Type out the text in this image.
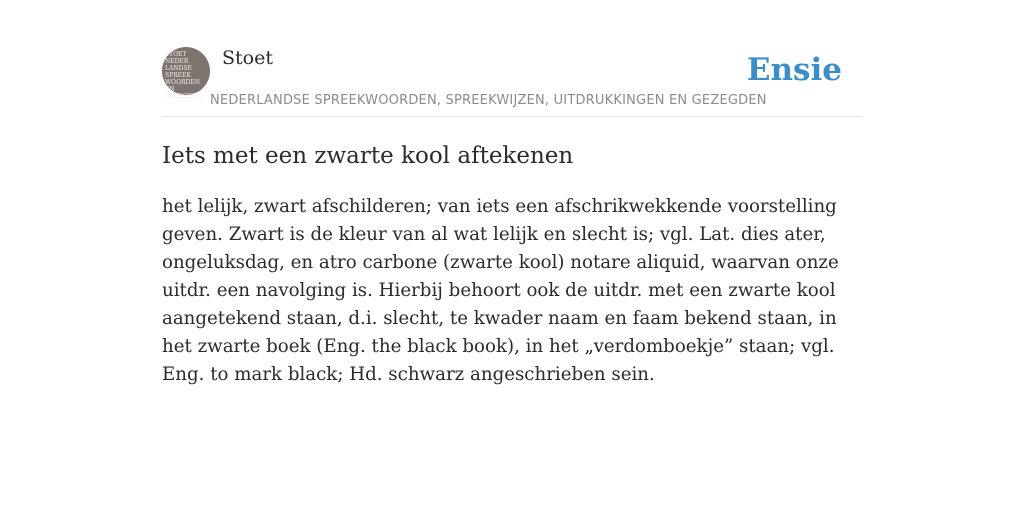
STOET
NEDER
LANDSE
SPREEK
WOORDEN EN
GEZEGDEN
Stoet
NEDERLANDSE SPREEKWOORDEN, SPREEKWIJZEN, UITDRUKKINGEN EN GEZEGDEN
Ensie
Iets met een zwarte kool aftekenen

het lelijk, zwart afschilderen; van iets een afschrikwekkende voorstelling geven. Zwart is de kleur van al wat lelijk en slecht is; vgl. Lat. dies ater, ongeluksdag, en atro carbone (zwarte kool) notare aliquid, waarvan onze uitdr. een navolging is. Hierbij behoort ook de uitdr. met een zwarte kool aangetekend staan, d.i. slecht, te kwader naam en faam bekend staan, in het zwarte boek (Eng. the black book), in het „verdomboekje” staan; vgl. Eng. to mark black; Hd. schwarz angeschrieben sein.
